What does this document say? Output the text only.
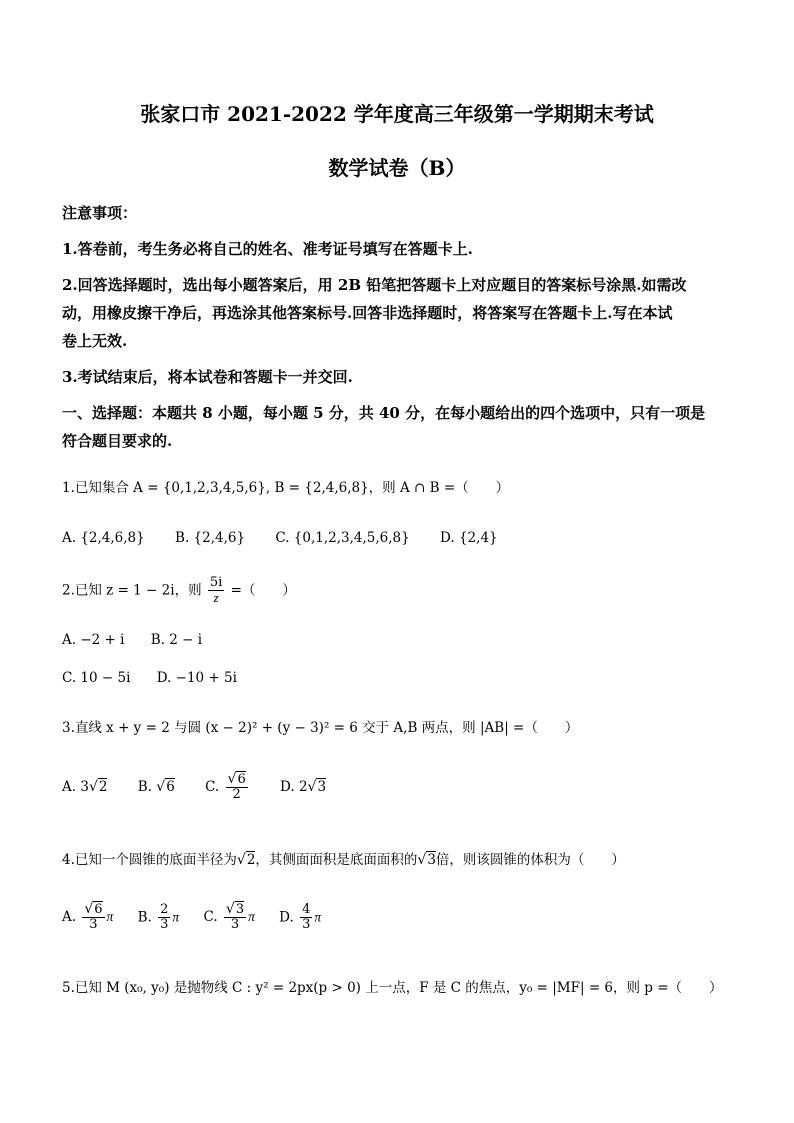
张家口市 2021-2022 学年度高三年级第一学期期末考试
数学试卷（B）
注意事项：
1.答卷前，考生务必将自己的姓名、准考证号填写在答题卡上.
2.回答选择题时，选出每小题答案后，用 2B 铅笔把答题卡上对应题目的答案标号涂黑.如需改
动，用橡皮擦干净后，再选涂其他答案标号.回答非选择题时，将答案写在答题卡上.写在本试
卷上无效.
3.考试结束后，将本试卷和答题卡一并交回.
一、选择题：本题共 8 小题，每小题 5 分，共 40 分，在每小题给出的四个选项中，只有一项是
符合题目要求的.
1.已知集合 A = {0,1,2,3,4,5,6}, B = {2,4,6,8}，则 A ∩ B =（　　）
A. {2,4,6,8} B. {2,4,6} C. {0,1,2,3,4,5,6,8} D. {2,4}
2.已知 z = 1 − 2i，则 $\frac{5i}{z}$ =（　　）
A. −2 + i B. 2 − i
C. 10 − 5i D. −10 + 5i
3.直线 x + y = 2 与圆 (x − 2)² + (y − 3)² = 6 交于 A,B 两点，则 |AB| =（　　）
A. 3√2 B. √6 C. $\frac{√6}{2} D$. 2√3
4.已知一个圆锥的底面半径为√2，其侧面面积是底面面积的√3倍，则该圆锥的体积为（　　）
A. $\frac{√6}{3}$ π B. $\frac{2}{3}$ π C. $\frac{√3}{3}$ π D. $\frac{4}{3}$ π
5.已知 M (x₀, y₀) 是抛物线 C : y² = 2px(p > 0) 上一点，F 是 C 的焦点，y₀ = |MF| = 6，则 p =（　　）
